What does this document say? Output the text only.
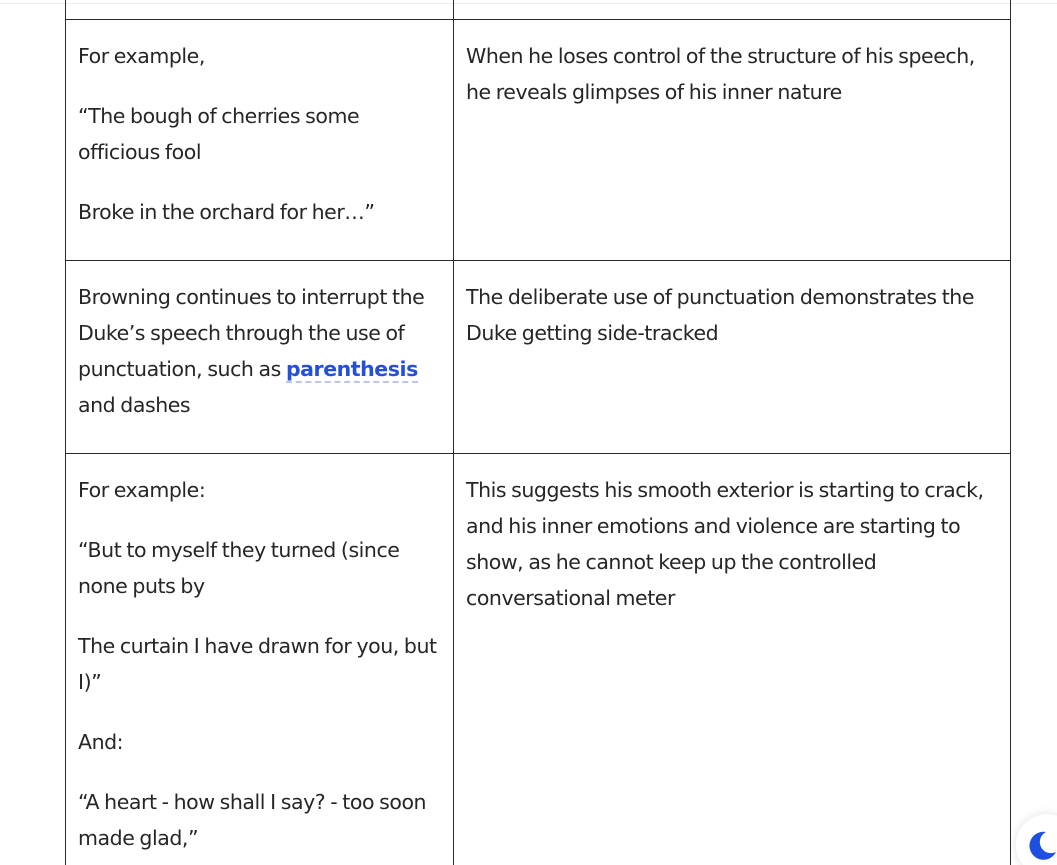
For example,

“The bough of cherries some officious fool

Broke in the orchard for her…”	When he loses control of the structure of his speech, he reveals glimpses of his inner nature

Browning continues to interrupt the Duke’s speech through the use of punctuation, such as parenthesis and dashes	The deliberate use of punctuation demonstrates the Duke getting side-tracked

For example:

“But to myself they turned (since none puts by

The curtain I have drawn for you, but I)”

And:

“A heart - how shall I say? - too soon made glad,”	This suggests his smooth exterior is starting to crack, and his inner emotions and violence are starting to show, as he cannot keep up the controlled conversational meter
